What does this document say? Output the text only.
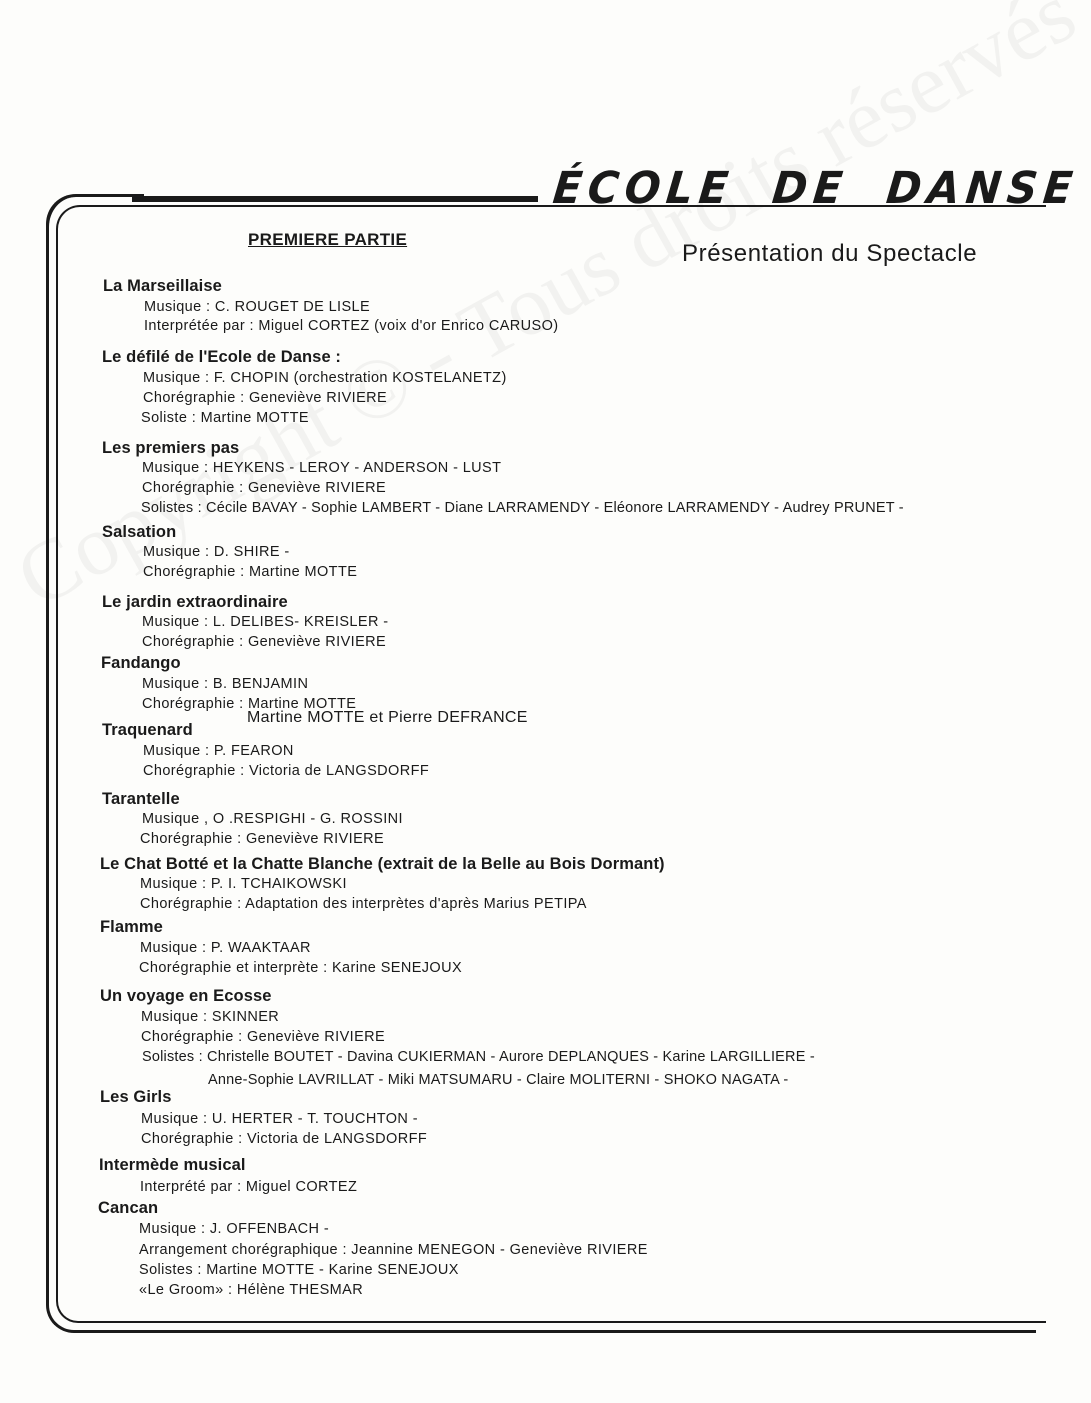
ÉCOLE DE DANSE
PREMIERE PARTIE
Présentation du Spectacle
La Marseillaise
Musique : C. ROUGET DE LISLE
Interprétée par : Miguel CORTEZ (voix d'or Enrico CARUSO)
Le défilé de l'Ecole de Danse :
Musique : F. CHOPIN (orchestration KOSTELANETZ)
Chorégraphie : Geneviève RIVIERE
Soliste : Martine MOTTE
Les premiers pas
Musique : HEYKENS - LEROY - ANDERSON - LUST
Chorégraphie : Geneviève RIVIERE
Solistes : Cécile BAVAY - Sophie LAMBERT - Diane LARRAMENDY - Eléonore LARRAMENDY - Audrey PRUNET -
Salsation
Musique : D. SHIRE -
Chorégraphie : Martine MOTTE
Le jardin extraordinaire
Musique : L. DELIBES- KREISLER -
Chorégraphie : Geneviève RIVIERE
Fandango
Musique : B. BENJAMIN
Chorégraphie : Martine MOTTE
Martine MOTTE et Pierre DEFRANCE
Traquenard
Musique : P. FEARON
Chorégraphie : Victoria de LANGSDORFF
Tarantelle
Musique , O .RESPIGHI - G. ROSSINI
Chorégraphie : Geneviève RIVIERE
Le Chat Botté et la Chatte Blanche (extrait de la Belle au Bois Dormant)
Musique : P. I. TCHAIKOWSKI
Chorégraphie : Adaptation des interprètes d'après Marius PETIPA
Flamme
Musique : P. WAAKTAAR
Chorégraphie et interprète : Karine SENEJOUX
Un voyage en Ecosse
Musique : SKINNER
Chorégraphie : Geneviève RIVIERE
Solistes : Christelle BOUTET - Davina CUKIERMAN - Aurore DEPLANQUES - Karine LARGILLIERE -
Anne-Sophie LAVRILLAT - Miki MATSUMARU - Claire MOLITERNI - SHOKO NAGATA -
Les Girls
Musique : U. HERTER - T. TOUCHTON -
Chorégraphie : Victoria de LANGSDORFF
Intermède musical
Interprété par : Miguel CORTEZ
Cancan
Musique : J. OFFENBACH -
Arrangement chorégraphique : Jeannine MENEGON - Geneviève RIVIERE
Solistes : Martine MOTTE - Karine SENEJOUX
«Le Groom» : Hélène THESMAR
